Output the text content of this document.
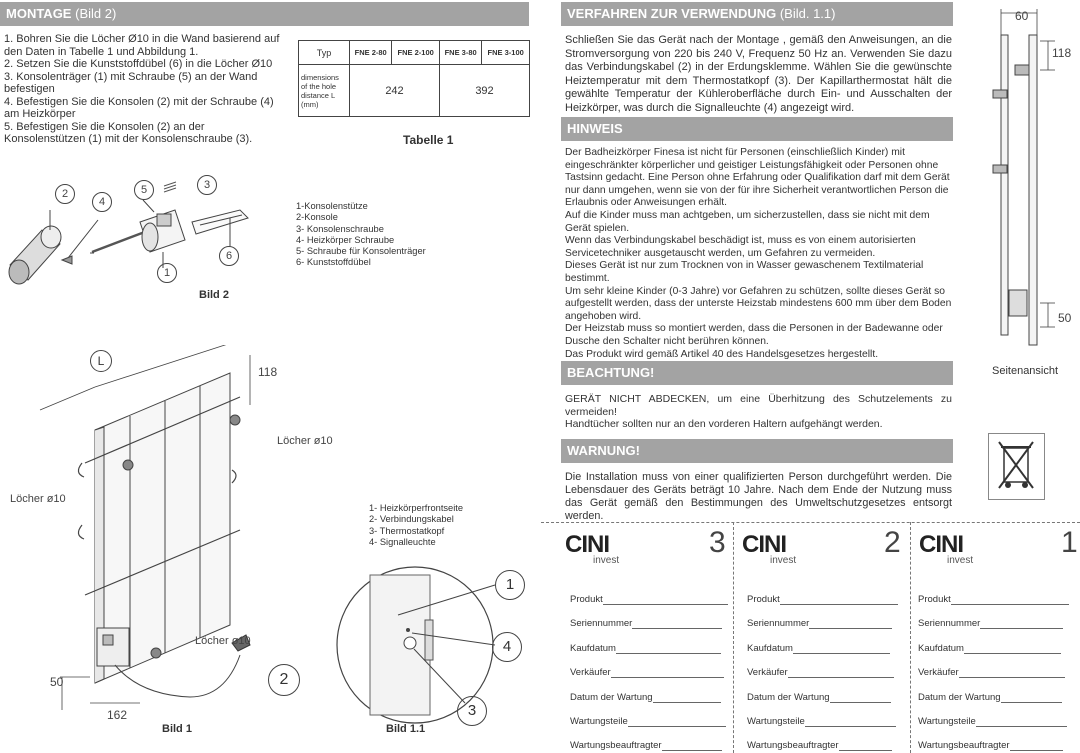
MONTAGE (Bild 2)

1. Bohren Sie die Löcher Ø10 in die Wand basierend auf den Daten in Tabelle 1 und Abbildung 1.

2. Setzen Sie die Kunststoffdübel (6) in die Löcher Ø10

3. Konsolenträger (1) mit Schraube (5) an der Wand befestigen

4. Befestigen Sie die Konsolen (2) mit der Schraube (4) am Heizkörper

5. Befestigen Sie die Konsolen (2) an der Konsolenstützen (1) mit der Konsolenschraube (3).

Typ	FNE 2-80	FNE 2-100	FNE 3-80	FNE 3-100
dimensions of the hole distance L (mm)	242		392	
Tabelle 1
2
4
5	3
6
1

1-Konsolenstütze

2-Konsole

3- Konsolenschraube

4- Heizkörper Schraube

5- Schraube für Konsolenträger

6- Kunststoffdübel

Bild 2
L
118
Löcher ø10
Löcher ø10
Löcher ø10
50
162
2
Bild 1

1- Heizkörperfrontseite

2- Verbindungskabel

3- Thermostatkopf

4- Signalleuchte

1
4
3
Bild 1.1
VERFAHREN ZUR VERWENDUNG (Bild. 1.1)
Schließen Sie das Gerät nach der Montage , gemäß den Anweisungen, an die Stromversorgung von 220 bis 240 V, Frequenz 50 Hz an. Verwenden Sie dazu das Verbindungskabel (2) in der Erdungsklemme. Wählen Sie die gewünschte Heiztemperatur mit dem Thermostatkopf (3). Der Kapillarthermostat hält die gewählte Temperatur der Kühleroberfläche durch Ein- und Ausschalten der Heizkörper, was durch die Signalleuchte (4) angezeigt wird.
HINWEIS

Der Badheizkörper Finesa ist nicht für Personen (einschließlich Kinder) mit eingeschränkter körperlicher und geistiger Leistungsfähigkeit oder Personen ohne Tastsinn gedacht. Eine Person ohne Erfahrung oder Qualifikation darf mit dem Gerät nur dann umgehen, wenn sie von der für ihre Sicherheit verantwortlichen Person die Erlaubnis oder Anweisungen erhält.

Auf die Kinder muss man achtgeben, um sicherzustellen, dass sie nicht mit dem Gerät spielen.

Wenn das Verbindungskabel beschädigt ist, muss es von einem autorisierten Servicetechniker ausgetauscht werden, um Gefahren zu vermeiden.

Dieses Gerät ist nur zum Trocknen von in Wasser gewaschenem Textilmaterial bestimmt.

Um sehr kleine Kinder (0-3 Jahre) vor Gefahren zu schützen, sollte dieses Gerät so aufgestellt werden, dass der unterste Heizstab mindestens 600 mm über dem Boden angehoben wird.

Der Heizstab muss so montiert werden, dass die Personen in der Badewanne oder Dusche den Schalter nicht berühren können.

Das Produkt wird gemäß Artikel 40 des Handelsgesetzes hergestellt.

BEACHTUNG!

GERÄT NICHT ABDECKEN, um eine Überhitzung des Schutzelements zu vermeiden!

Handtücher sollten nur an den vorderen Haltern aufgehängt werden.

WARNUNG!
Die Installation muss von einer qualifizierten Person durchgeführt werden. Die Lebensdauer des Geräts beträgt 10 Jahre. Nach dem Ende der Nutzung muss das Gerät gemäß den Bestimmungen des Umweltschutzgesetzes entsorgt werden.
60
118
50
Seitenansicht
CINI
invest
3 CINI
invest
2 CINI
invest
1
Produkt
Seriennummer
Kaufdatum
Verkäufer
Datum der Wartung
Wartungsteile
Wartungsbeauftragter
Produkt
Seriennummer
Kaufdatum
Verkäufer
Datum der Wartung
Wartungsteile
Wartungsbeauftragter
Produkt
Seriennummer
Kaufdatum
Verkäufer
Datum der Wartung
Wartungsteile
Wartungsbeauftragter
